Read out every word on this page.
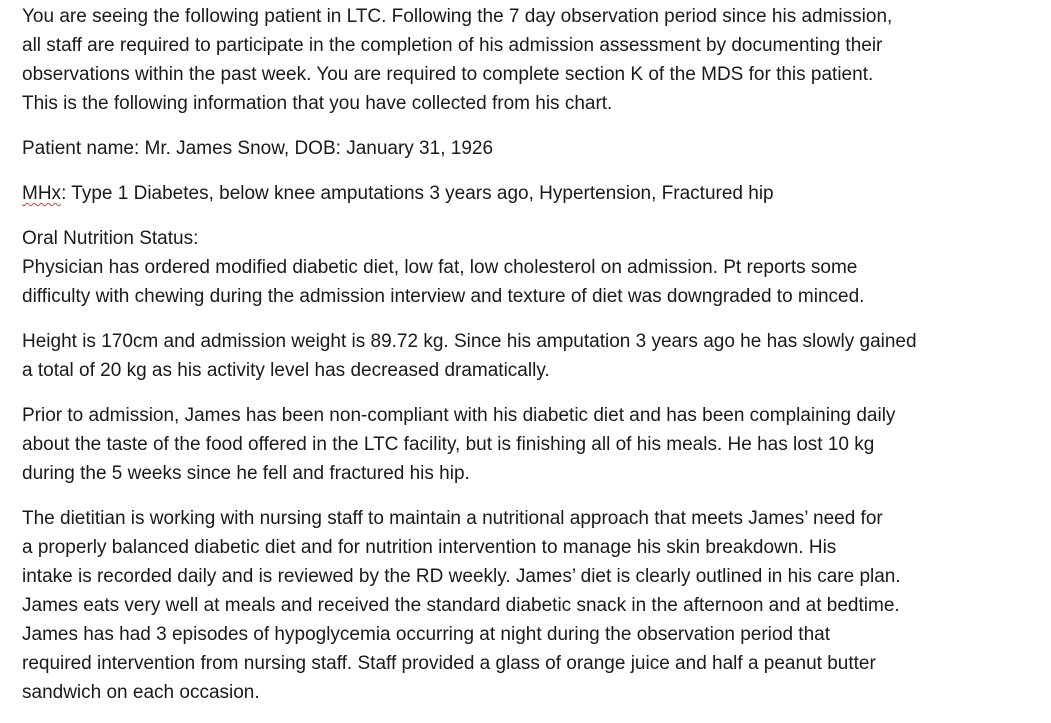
You are seeing the following patient in LTC. Following the 7 day observation period since his admission,
all staff are required to participate in the completion of his admission assessment by documenting their
observations within the past week. You are required to complete section K of the MDS for this patient.
This is the following information that you have collected from his chart.

Patient name: Mr. James Snow, DOB: January 31, 1926

MHx: Type 1 Diabetes, below knee amputations 3 years ago, Hypertension, Fractured hip

Oral Nutrition Status:

Physician has ordered modified diabetic diet, low fat, low cholesterol on admission. Pt reports some
difficulty with chewing during the admission interview and texture of diet was downgraded to minced.

Height is 170cm and admission weight is 89.72 kg. Since his amputation 3 years ago he has slowly gained
a total of 20 kg as his activity level has decreased dramatically.

Prior to admission, James has been non-compliant with his diabetic diet and has been complaining daily
about the taste of the food offered in the LTC facility, but is finishing all of his meals. He has lost 10 kg
during the 5 weeks since he fell and fractured his hip.

The dietitian is working with nursing staff to maintain a nutritional approach that meets James’ need for
a properly balanced diabetic diet and for nutrition intervention to manage his skin breakdown. His
intake is recorded daily and is reviewed by the RD weekly. James’ diet is clearly outlined in his care plan.
James eats very well at meals and received the standard diabetic snack in the afternoon and at bedtime.
James has had 3 episodes of hypoglycemia occurring at night during the observation period that
required intervention from nursing staff. Staff provided a glass of orange juice and half a peanut butter
sandwich on each occasion.
